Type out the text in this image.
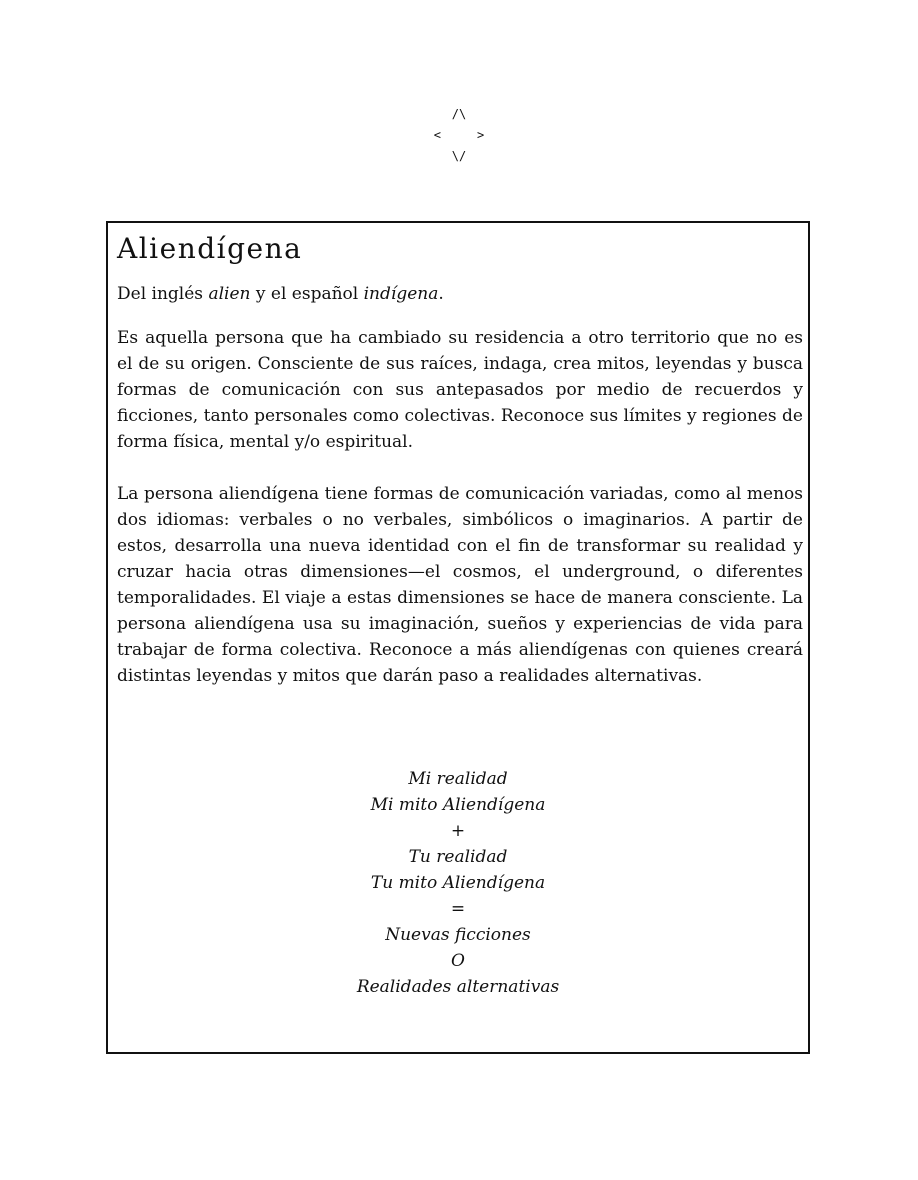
/\
<     >
\/
Aliendígena

Del inglés alien y el español indígena.

Es aquella persona que ha cambiado su residencia a otro territorio que no es el de su origen. Consciente de sus raíces, indaga, crea mitos, leyendas y busca formas de comunicación con sus antepasados por medio de recuerdos y ficciones, tanto personales como colectivas. Reconoce sus límites y regiones de forma física, mental y/o espiritual.

La persona aliendígena tiene formas de comunicación variadas, como al menos dos idiomas: verbales o no verbales, simbólicos o imaginarios. A partir de estos, desarrolla una nueva identidad con el fin de transformar su realidad y cruzar hacia otras dimensiones—el cosmos, el underground, o diferentes temporalidades. El viaje a estas dimensiones se hace de manera consciente. La persona aliendígena usa su imaginación, sueños y experiencias de vida para trabajar de forma colectiva. Reconoce a más aliendígenas con quienes creará distintas leyendas y mitos que darán paso a realidades alternativas.

Mi realidad
Mi mito Aliendígena
+
Tu realidad
Tu mito Aliendígena
=
Nuevas ficciones
O
Realidades alternativas
